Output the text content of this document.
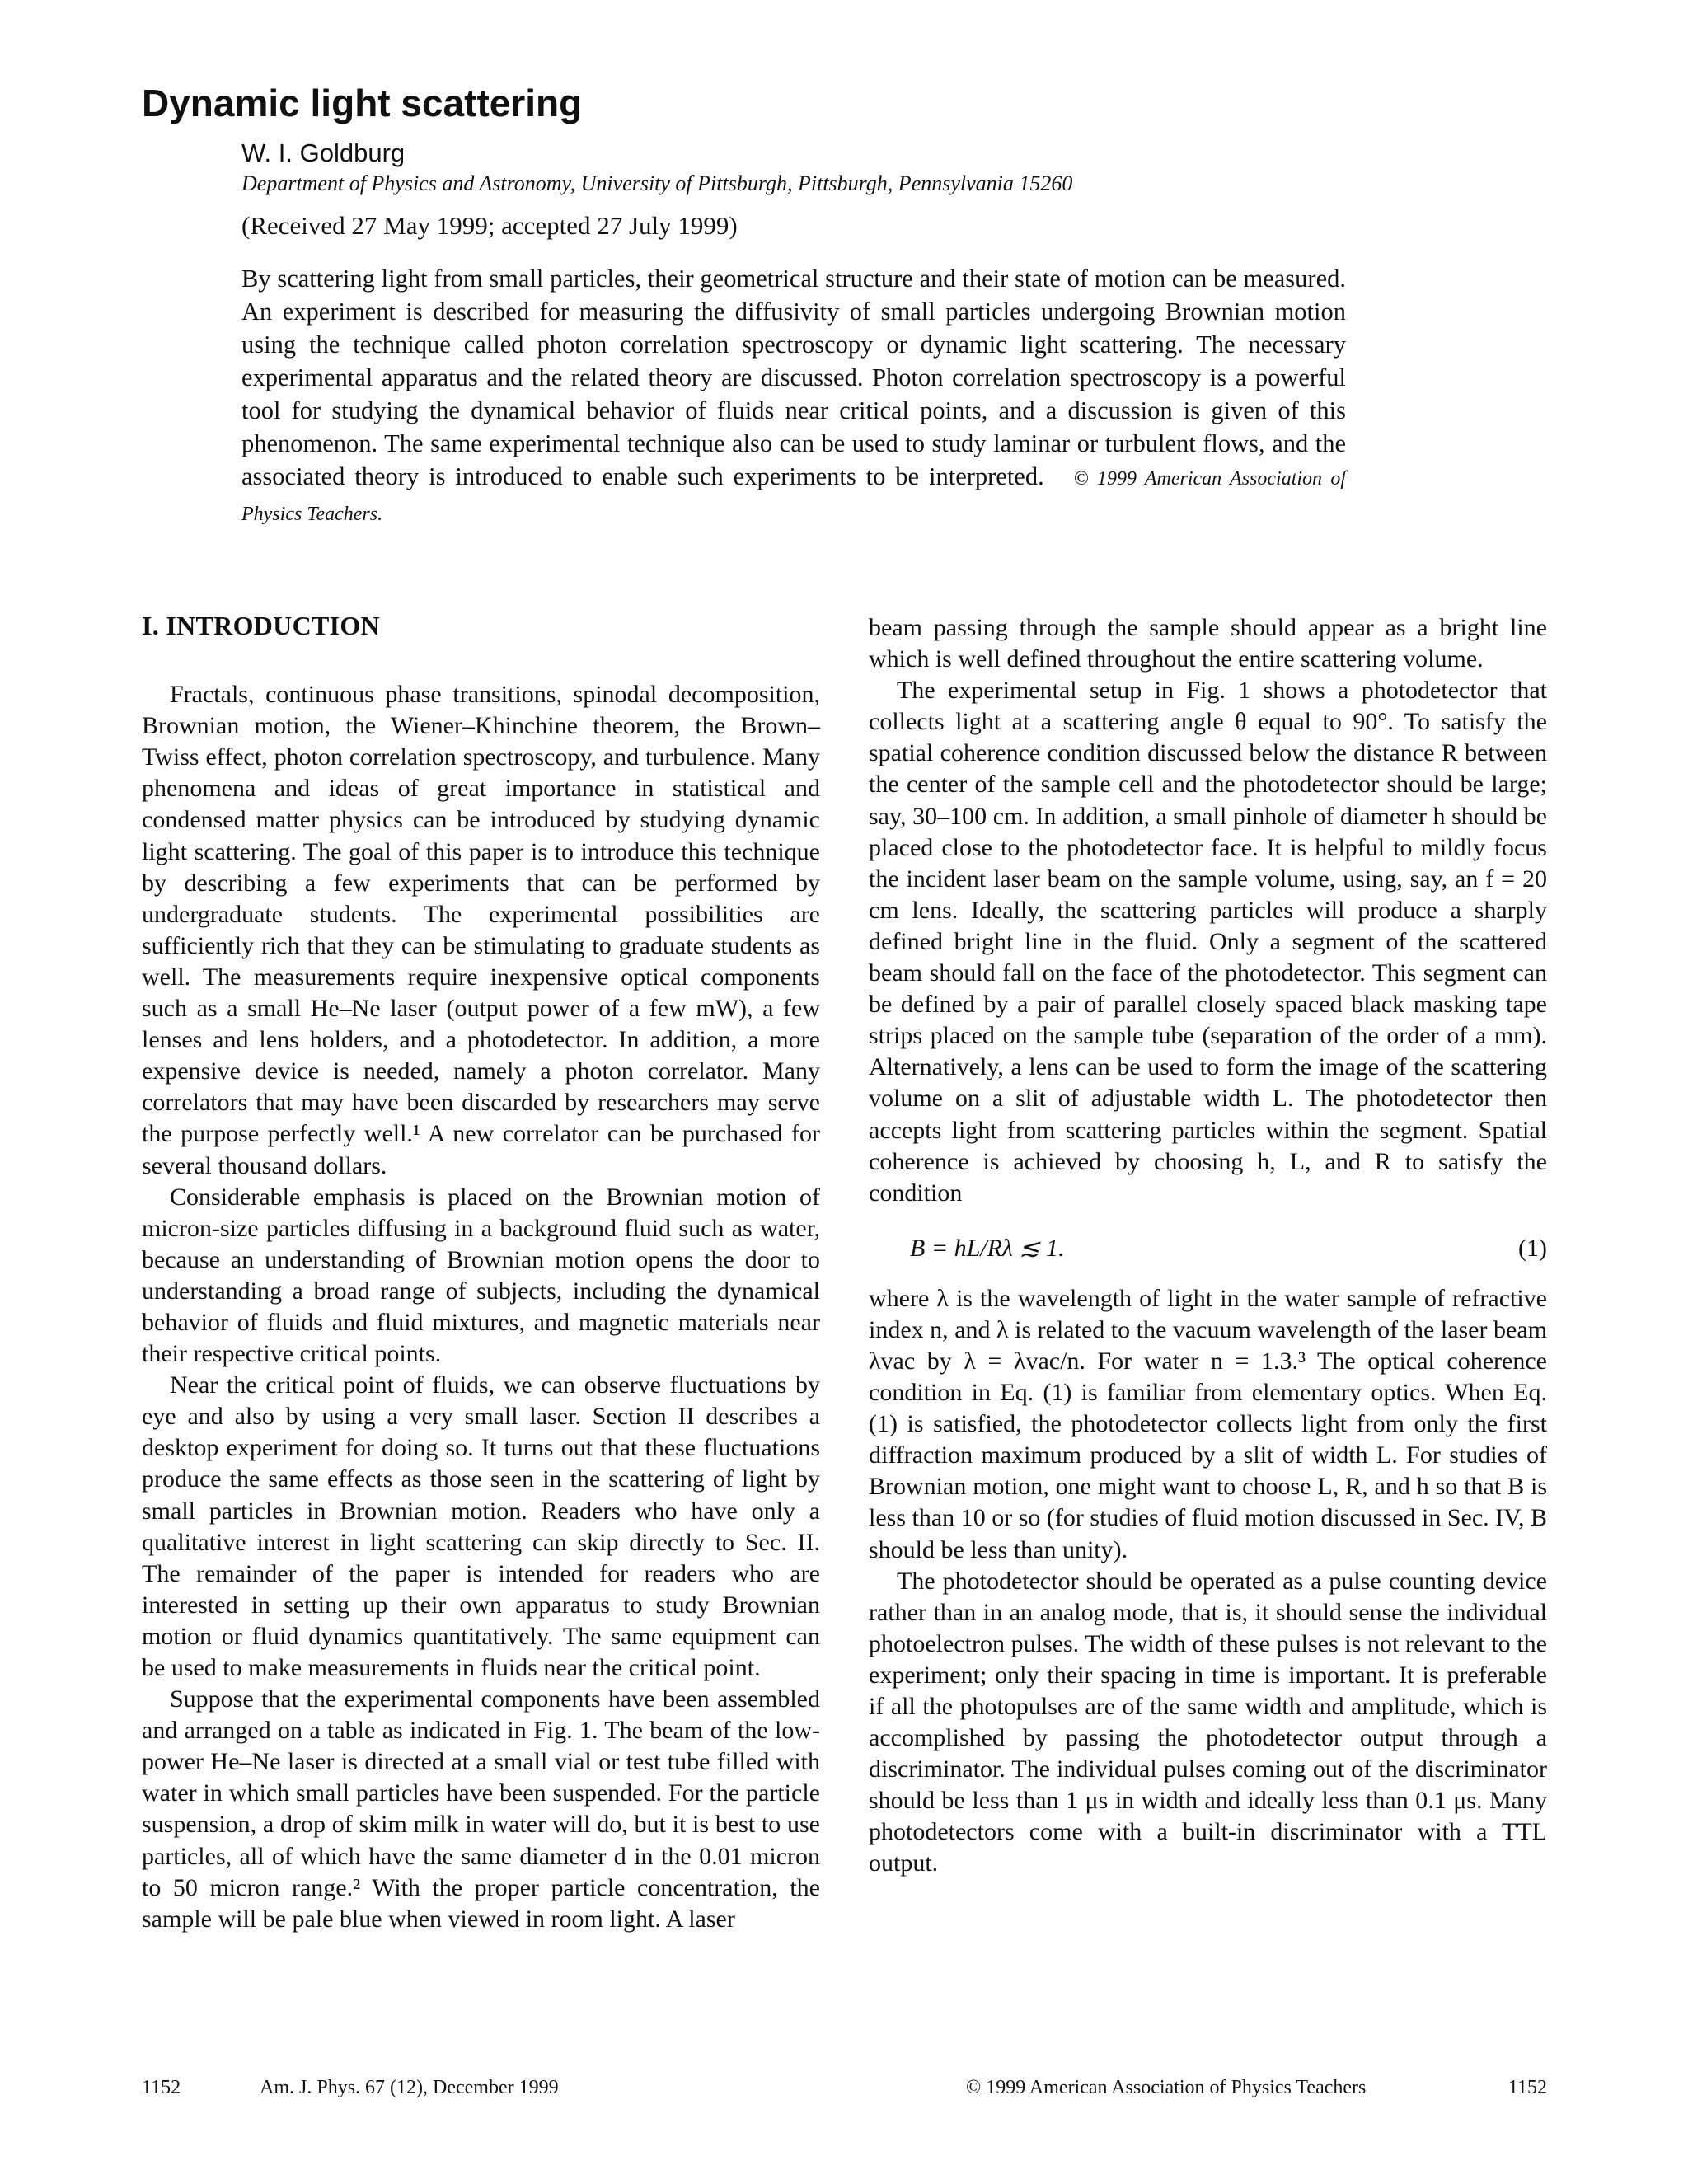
Dynamic light scattering
W. I. Goldburg
Department of Physics and Astronomy, University of Pittsburgh, Pittsburgh, Pennsylvania 15260
(Received 27 May 1999; accepted 27 July 1999)

By scattering light from small particles, their geometrical structure and their state of motion can be measured. An experiment is described for measuring the diffusivity of small particles undergoing Brownian motion using the technique called photon correlation spectroscopy or dynamic light scattering. The necessary experimental apparatus and the related theory are discussed. Photon correlation spectroscopy is a powerful tool for studying the dynamical behavior of fluids near critical points, and a discussion is given of this phenomenon. The same experimental technique also can be used to study laminar or turbulent flows, and the associated theory is introduced to enable such experiments to be interpreted. © 1999 American Association of Physics Teachers.

I. INTRODUCTION

Fractals, continuous phase transitions, spinodal decomposition, Brownian motion, the Wiener–Khinchine theorem, the Brown–Twiss effect, photon correlation spectroscopy, and turbulence. Many phenomena and ideas of great importance in statistical and condensed matter physics can be introduced by studying dynamic light scattering. The goal of this paper is to introduce this technique by describing a few experiments that can be performed by undergraduate students. The experimental possibilities are sufficiently rich that they can be stimulating to graduate students as well. The measurements require inexpensive optical components such as a small He–Ne laser (output power of a few mW), a few lenses and lens holders, and a photodetector. In addition, a more expensive device is needed, namely a photon correlator. Many correlators that may have been discarded by researchers may serve the purpose perfectly well.¹ A new correlator can be purchased for several thousand dollars.

Considerable emphasis is placed on the Brownian motion of micron-size particles diffusing in a background fluid such as water, because an understanding of Brownian motion opens the door to understanding a broad range of subjects, including the dynamical behavior of fluids and fluid mixtures, and magnetic materials near their respective critical points.

Near the critical point of fluids, we can observe fluctuations by eye and also by using a very small laser. Section II describes a desktop experiment for doing so. It turns out that these fluctuations produce the same effects as those seen in the scattering of light by small particles in Brownian motion. Readers who have only a qualitative interest in light scattering can skip directly to Sec. II. The remainder of the paper is intended for readers who are interested in setting up their own apparatus to study Brownian motion or fluid dynamics quantitatively. The same equipment can be used to make measurements in fluids near the critical point.

Suppose that the experimental components have been assembled and arranged on a table as indicated in Fig. 1. The beam of the low-power He–Ne laser is directed at a small vial or test tube filled with water in which small particles have been suspended. For the particle suspension, a drop of skim milk in water will do, but it is best to use particles, all of which have the same diameter d in the 0.01 micron to 50 micron range.² With the proper particle concentration, the sample will be pale blue when viewed in room light. A laser

beam passing through the sample should appear as a bright line which is well defined throughout the entire scattering volume.

The experimental setup in Fig. 1 shows a photodetector that collects light at a scattering angle θ equal to 90°. To satisfy the spatial coherence condition discussed below the distance R between the center of the sample cell and the photodetector should be large; say, 30–100 cm. In addition, a small pinhole of diameter h should be placed close to the photodetector face. It is helpful to mildly focus the incident laser beam on the sample volume, using, say, an f = 20 cm lens. Ideally, the scattering particles will produce a sharply defined bright line in the fluid. Only a segment of the scattered beam should fall on the face of the photodetector. This segment can be defined by a pair of parallel closely spaced black masking tape strips placed on the sample tube (separation of the order of a mm). Alternatively, a lens can be used to form the image of the scattering volume on a slit of adjustable width L. The photodetector then accepts light from scattering particles within the segment. Spatial coherence is achieved by choosing h, L, and R to satisfy the condition

B = hL/Rλ ≲ 1.	(1)

where λ is the wavelength of light in the water sample of refractive index n, and λ is related to the vacuum wavelength of the laser beam λvac by λ = λvac/n. For water n = 1.3.³ The optical coherence condition in Eq. (1) is familiar from elementary optics. When Eq. (1) is satisfied, the photodetector collects light from only the first diffraction maximum produced by a slit of width L. For studies of Brownian motion, one might want to choose L, R, and h so that B is less than 10 or so (for studies of fluid motion discussed in Sec. IV, B should be less than unity).

The photodetector should be operated as a pulse counting device rather than in an analog mode, that is, it should sense the individual photoelectron pulses. The width of these pulses is not relevant to the experiment; only their spacing in time is important. It is preferable if all the photopulses are of the same width and amplitude, which is accomplished by passing the photodetector output through a discriminator. The individual pulses coming out of the discriminator should be less than 1 μs in width and ideally less than 0.1 μs. Many photodetectors come with a built-in discriminator with a TTL output.

1152	Am. J. Phys. 67 (12), December 1999	© 1999 American Association of Physics Teachers	1152
